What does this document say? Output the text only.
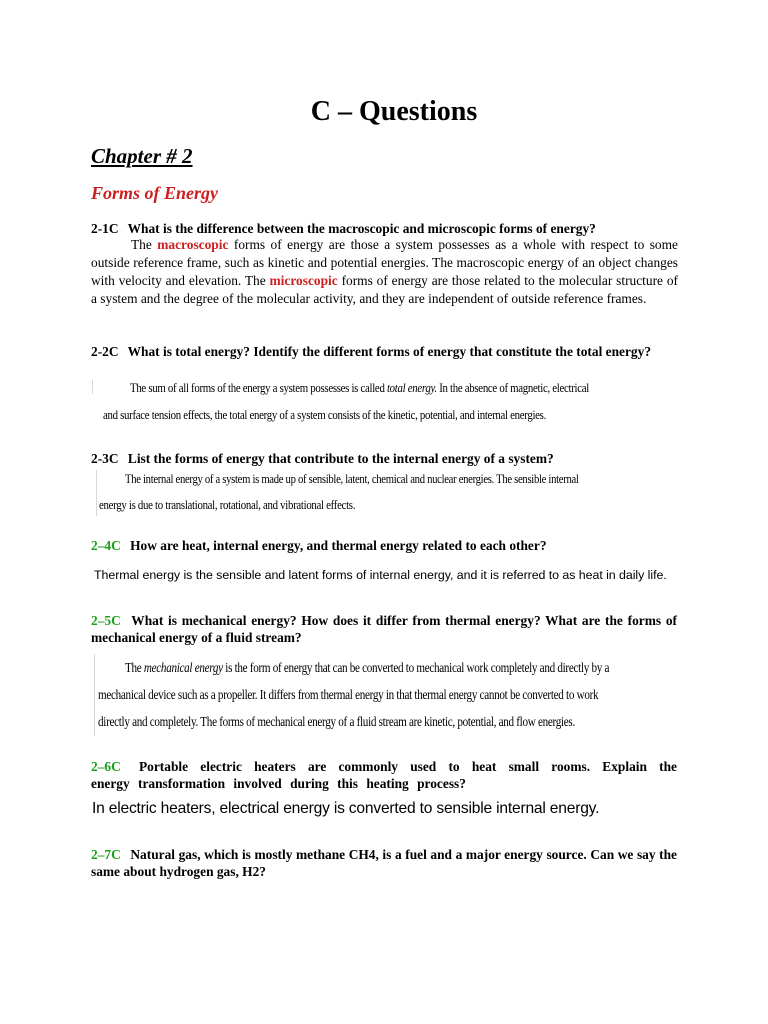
C – Questions
Chapter # 2
Forms of Energy
2-1C What is the difference between the macroscopic and microscopic forms of energy?
The macroscopic forms of energy are those a system possesses as a whole with respect to some outside reference frame, such as kinetic and potential energies. The macroscopic energy of an object changes with velocity and elevation. The microscopic forms of energy are those related to the molecular structure of a system and the degree of the molecular activity, and they are independent of outside reference frames.
2-2C What is total energy? Identify the different forms of energy that constitute the total energy?
The sum of all forms of the energy a system possesses is called total energy. In the absence of magnetic, electrical
and surface tension effects, the total energy of a system consists of the kinetic, potential, and internal energies.
2-3C List the forms of energy that contribute to the internal energy of a system?
The internal energy of a system is made up of sensible, latent, chemical and nuclear energies. The sensible internal
energy is due to translational, rotational, and vibrational effects.
2–4C How are heat, internal energy, and thermal energy related to each other?
Thermal energy is the sensible and latent forms of internal energy, and it is referred to as heat in daily life.
2–5C What is mechanical energy? How does it differ from thermal energy? What are the forms of mechanical energy of a fluid stream?
The mechanical energy is the form of energy that can be converted to mechanical work completely and directly by a
mechanical device such as a propeller. It differs from thermal energy in that thermal energy cannot be converted to work
directly and completely. The forms of mechanical energy of a fluid stream are kinetic, potential, and flow energies.
2–6C Portable electric heaters are commonly used to heat small rooms. Explain the energy transformation involved during this heating process?
In electric heaters, electrical energy is converted to sensible internal energy.
2–7C Natural gas, which is mostly methane CH4, is a fuel and a major energy source. Can we say the same about hydrogen gas, H2?
